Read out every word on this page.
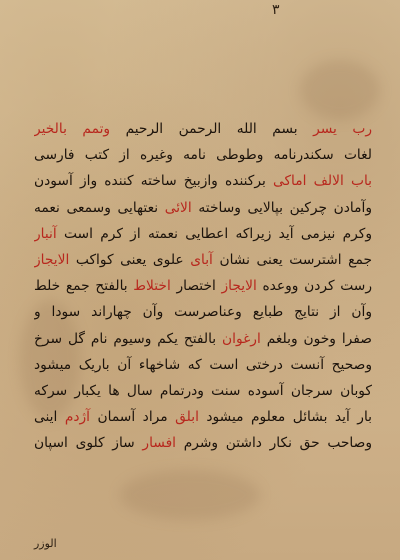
٣
رب یسر بسم الله الرحمن الرحیم وتمم بالخیر
لغات سکندرنامه وطوطی نامه وغیره از کتب فارسی
باب الالف اماکی برکننده وازبیخ ساخته کننده واز آسودن
وآمادن چرکین بپالایی وساخته الائی نعتهایی وسمعی نعمه
وکرم نیزمی آید زیراکه اعطایی نعمته از کرم است آنبار
جمع اشترست یعنی نشان آبای علوی یعنی کواکب الایجاز
رست کردن ووعده الایجاز اختصار اختلاط بالفتح جمع خلط
وآن از نتایج طبایع وعناصرست وآن چهاراند سودا و
صفرا وخون وبلغم ارغوان بالفتح یکم وسیوم نام گل سرخ
وصحیح آنست درختی است که شاخهاء آن باریک میشود
کوبان سرجان آسوده سنت ودرتمام سال ها یکبار سرکه
بار آید بشائل معلوم میشود ابلق مراد آسمان آژدم اینی
وصاحب حق نکار داشتن وشرم افسار ساز کلوی اسپان
الوزر
